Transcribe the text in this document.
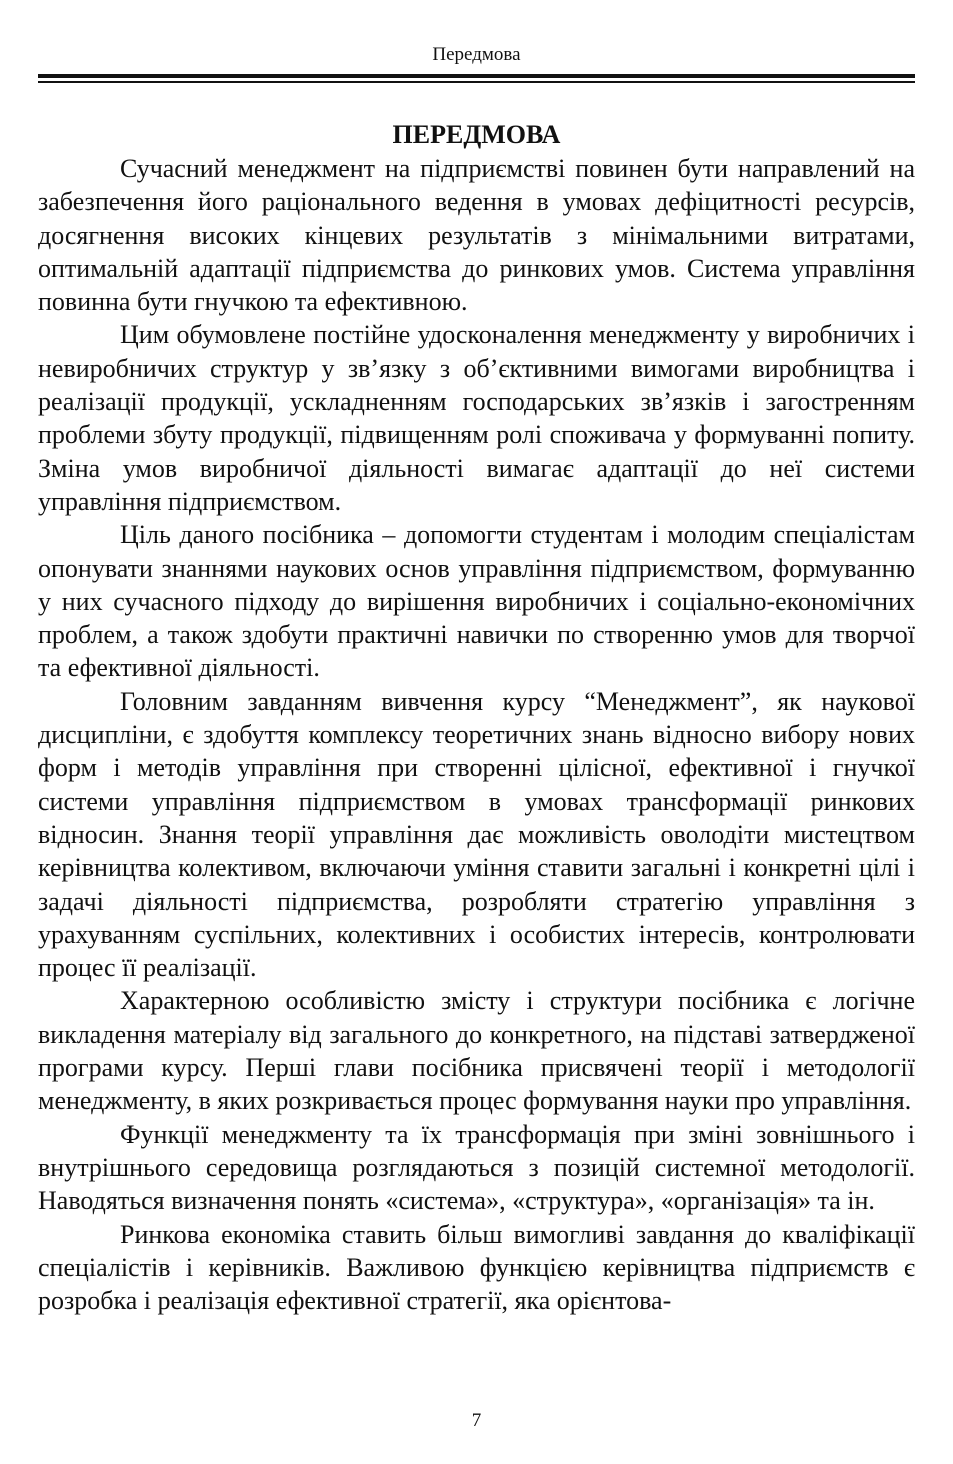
Передмова
ПЕРЕДМОВА

Сучасний менеджмент на підприємстві повинен бути направлений на забезпечення його раціонального ведення в умовах дефіцитності ресурсів, досягнення високих кінцевих результатів з мінімальними витратами, оптимальній адаптації підприємства до ринкових умов. Система управління повинна бути гнучкою та ефективною.

Цим обумовлене постійне удосконалення менеджменту у виробничих і невиробничих структур у зв’язку з об’єктивними вимогами виробництва і реалізації продукції, ускладненням господарських зв’язків і загостренням проблеми збуту продукції, підвищенням ролі споживача у формуванні попиту. Зміна умов виробничої діяльності вимагає адаптації до неї системи управління підприємством.

Ціль даного посібника – допомогти студентам і молодим спеціалістам опонувати знаннями наукових основ управління підприємством, формуванню у них сучасного підходу до вирішення виробничих і соціально-економічних проблем, а також здобути практичні навички по створенню умов для творчої та ефективної діяльності.

Головним завданням вивчення курсу “Менеджмент”, як наукової дисципліни, є здобуття комплексу теоретичних знань відносно вибору нових форм і методів управління при створенні цілісної, ефективної і гнучкої системи управління підприємством в умовах трансформації ринкових відносин. Знання теорії управління дає можливість оволодіти мистецтвом керівництва колективом, включаючи уміння ставити загальні і конкретні цілі і задачі діяльності підприємства, розробляти стратегію управління з урахуванням суспільних, колективних і особистих інтересів, контролювати процес її реалізації.

Характерною особливістю змісту і структури посібника є логічне викладення матеріалу від загального до конкретного, на підставі затвердженої програми курсу. Перші глави посібника присвячені теорії і методології менеджменту, в яких розкривається процес формування науки про управління.

Функції менеджменту та їх трансформація при зміні зовнішнього і внутрішнього середовища розглядаються з позицій системної методології. Наводяться визначення понять «система», «структура», «організація» та ін.

Ринкова економіка ставить більш вимогливі завдання до кваліфікації спеціалістів і керівників. Важливою функцією керівництва підприємств є розробка і реалізація ефективної стратегії, яка орієнтова-

7
